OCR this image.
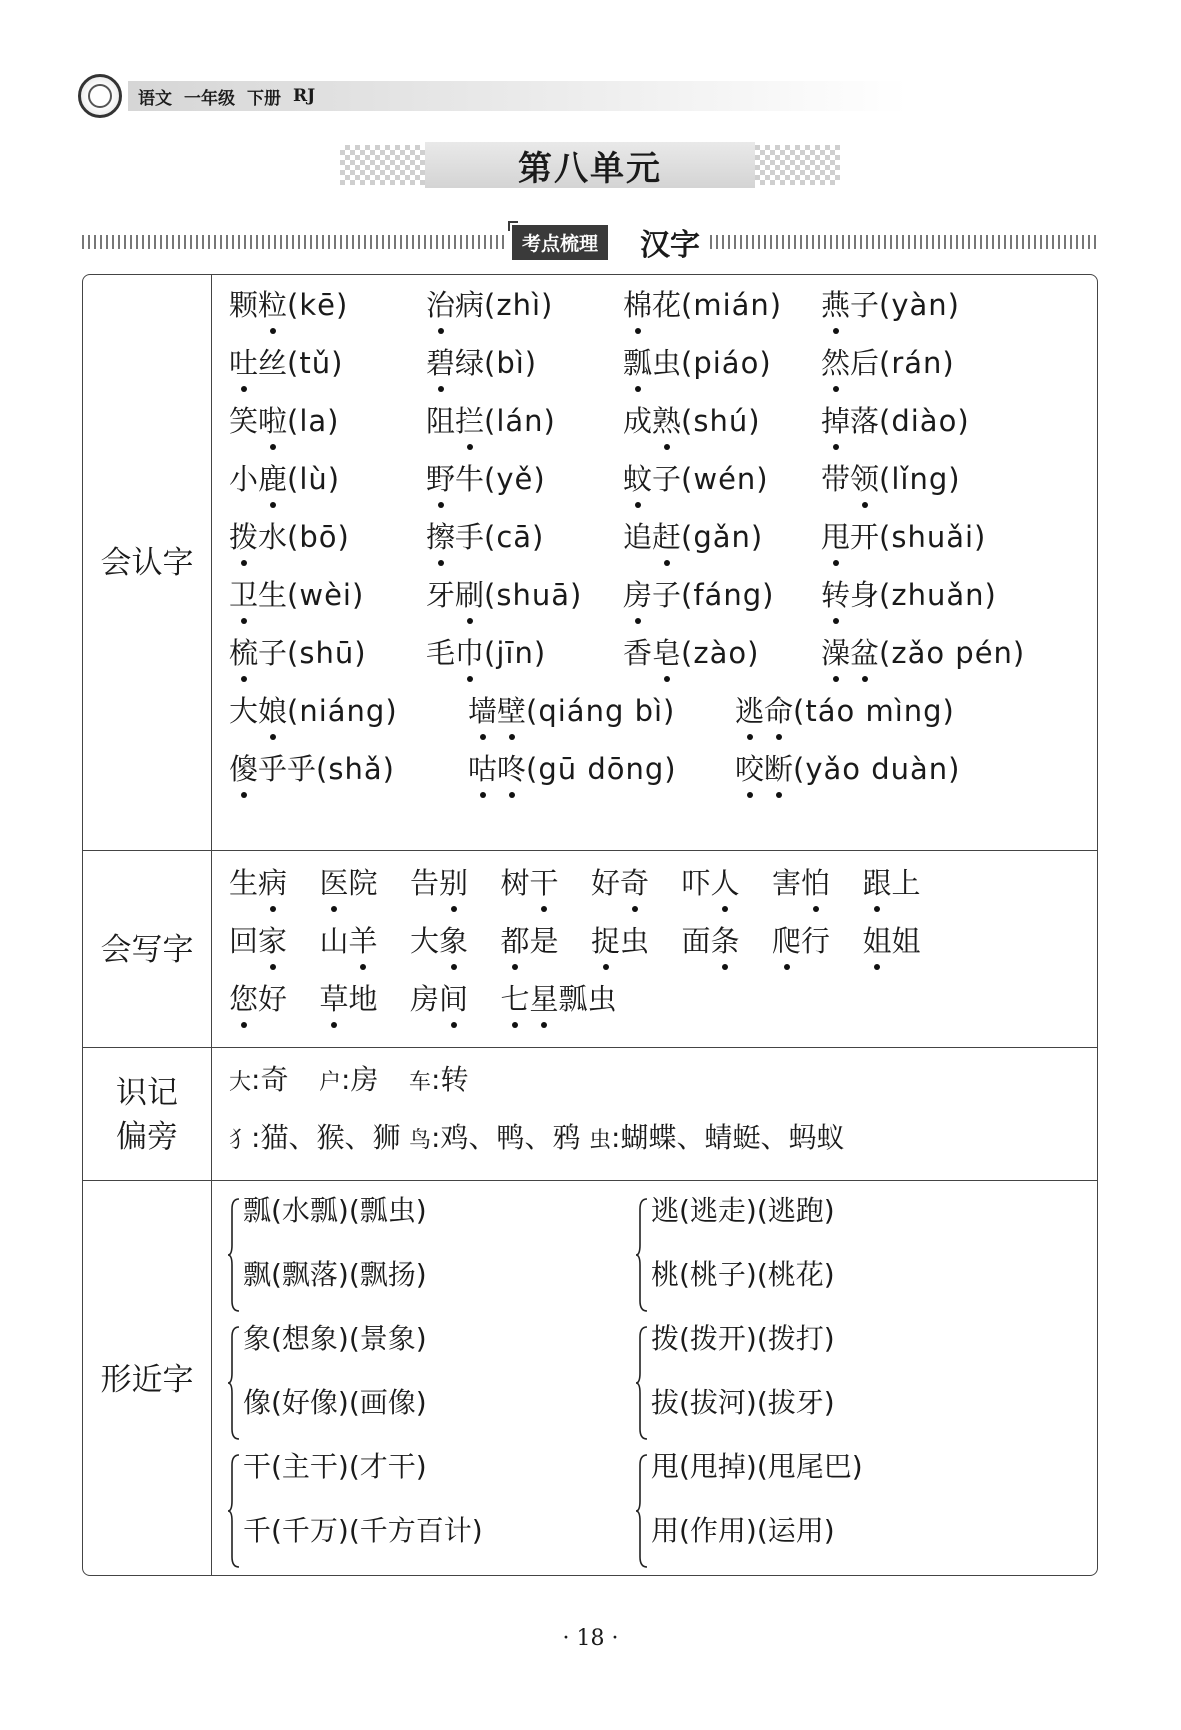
语文 一年级 下册 RJ
第八单元
考点梳理	汉字
会认字
颗粒(kē)	治病(zhì) 棉花(mián) 燕子(yàn)
吐丝(tǔ)	碧绿(bì)	瓢虫(piáo) 然后(rán)
笑啦(la)	阻拦(lán) 成熟(shú) 掉落(diào)
小鹿(lù)	野牛(yě)	蚊子(wén) 带领(lǐng)
拨水(bō)	擦手(cā)	追赶(gǎn) 甩开(shuǎi)
卫生(wèi) 牙刷(shuā) 房子(fáng) 转身(zhuǎn)
梳子(shū) 毛巾(jīn)	香皂(zào) 澡盆(zǎo pén)
大娘(niáng) 墙壁(qiáng bì) 逃命(táo mìng)
傻乎乎(shǎ)	咕咚(gū dōng) 咬断(yǎo duàn)
会写字
生病 医院 告别 树干 好奇 吓人 害怕 跟上
回家 山羊 大象 都是 捉虫 面条 爬行 姐姐
您好 草地 房间 七星瓢虫
识记
偏旁
大:奇 户:房 车:转
犭:猫、猴、狮 鸟:鸡、鸭、鸦 虫:蝴蝶、蜻蜓、蚂蚁
形近字
瓢(水瓢)(瓢虫)
飘(飘落)(飘扬)
逃(逃走)(逃跑)
桃(桃子)(桃花)
象(想象)(景象)
像(好像)(画像)
拨(拨开)(拨打)
拔(拔河)(拔牙)
干(主干)(才干)
千(千万)(千方百计)
甩(甩掉)(甩尾巴)
用(作用)(运用)
· 18 ·
